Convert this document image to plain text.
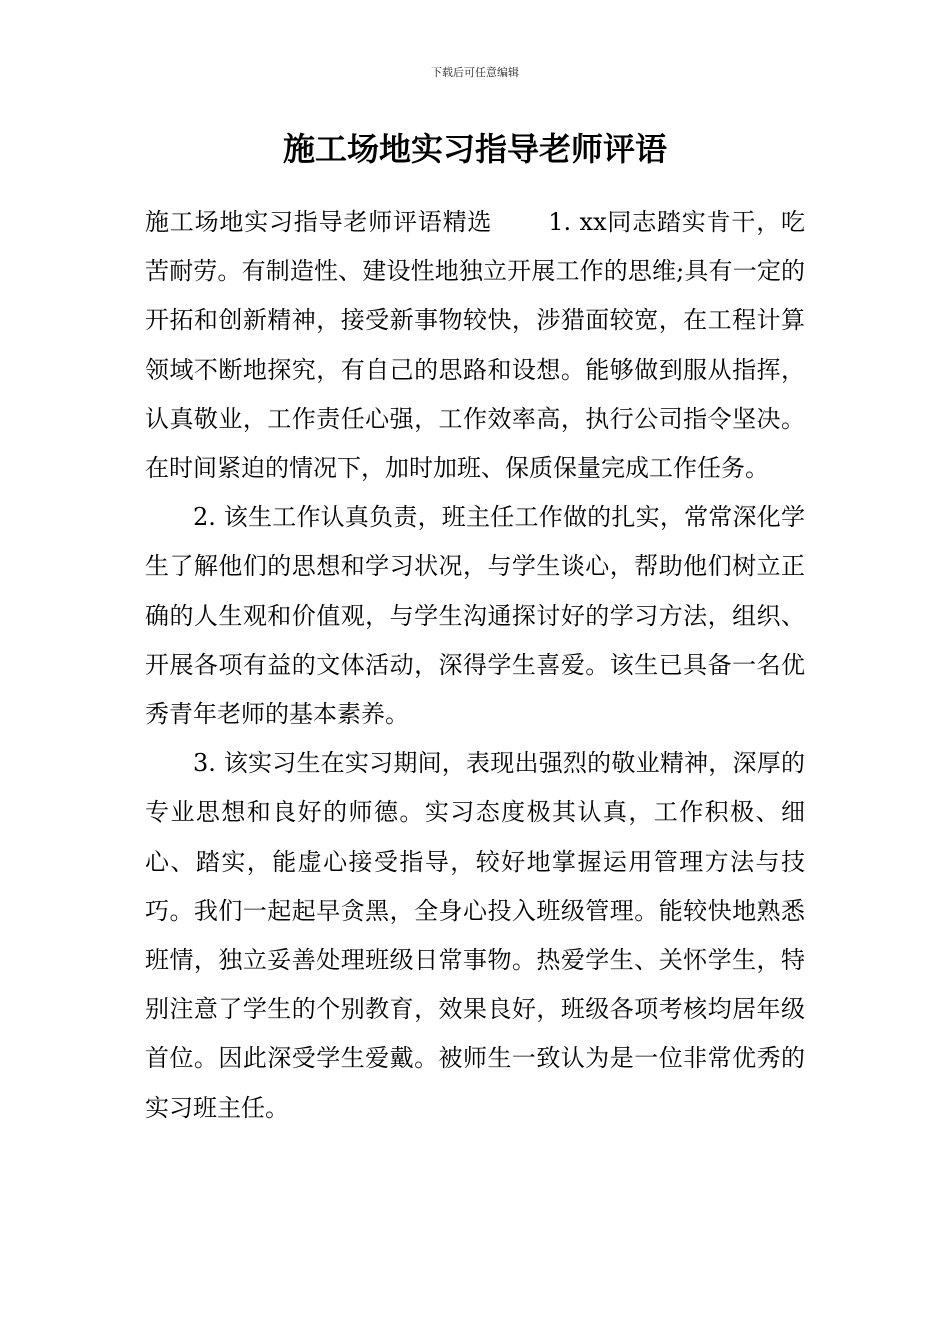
下载后可任意编辑
施工场地实习指导老师评语

施工场地实习指导老师评语精选 1. xx同志踏实肯干，吃苦耐劳。有制造性、建设性地独立开展工作的思维;具有一定的开拓和创新精神，接受新事物较快，涉猎面较宽，在工程计算领域不断地探究，有自己的思路和设想。能够做到服从指挥，认真敬业，工作责任心强，工作效率高，执行公司指令坚决。在时间紧迫的情况下，加时加班、保质保量完成工作任务。

2. 该生工作认真负责，班主任工作做的扎实，常常深化学生了解他们的思想和学习状况，与学生谈心，帮助他们树立正确的人生观和价值观，与学生沟通探讨好的学习方法，组织、开展各项有益的文体活动，深得学生喜爱。该生已具备一名优秀青年老师的基本素养。

3. 该实习生在实习期间，表现出强烈的敬业精神，深厚的专业思想和良好的师德。实习态度极其认真，工作积极、细心、踏实，能虚心接受指导，较好地掌握运用管理方法与技巧。我们一起起早贪黑，全身心投入班级管理。能较快地熟悉班情，独立妥善处理班级日常事物。热爱学生、关怀学生，特别注意了学生的个别教育，效果良好，班级各项考核均居年级首位。因此深受学生爱戴。被师生一致认为是一位非常优秀的实习班主任。
